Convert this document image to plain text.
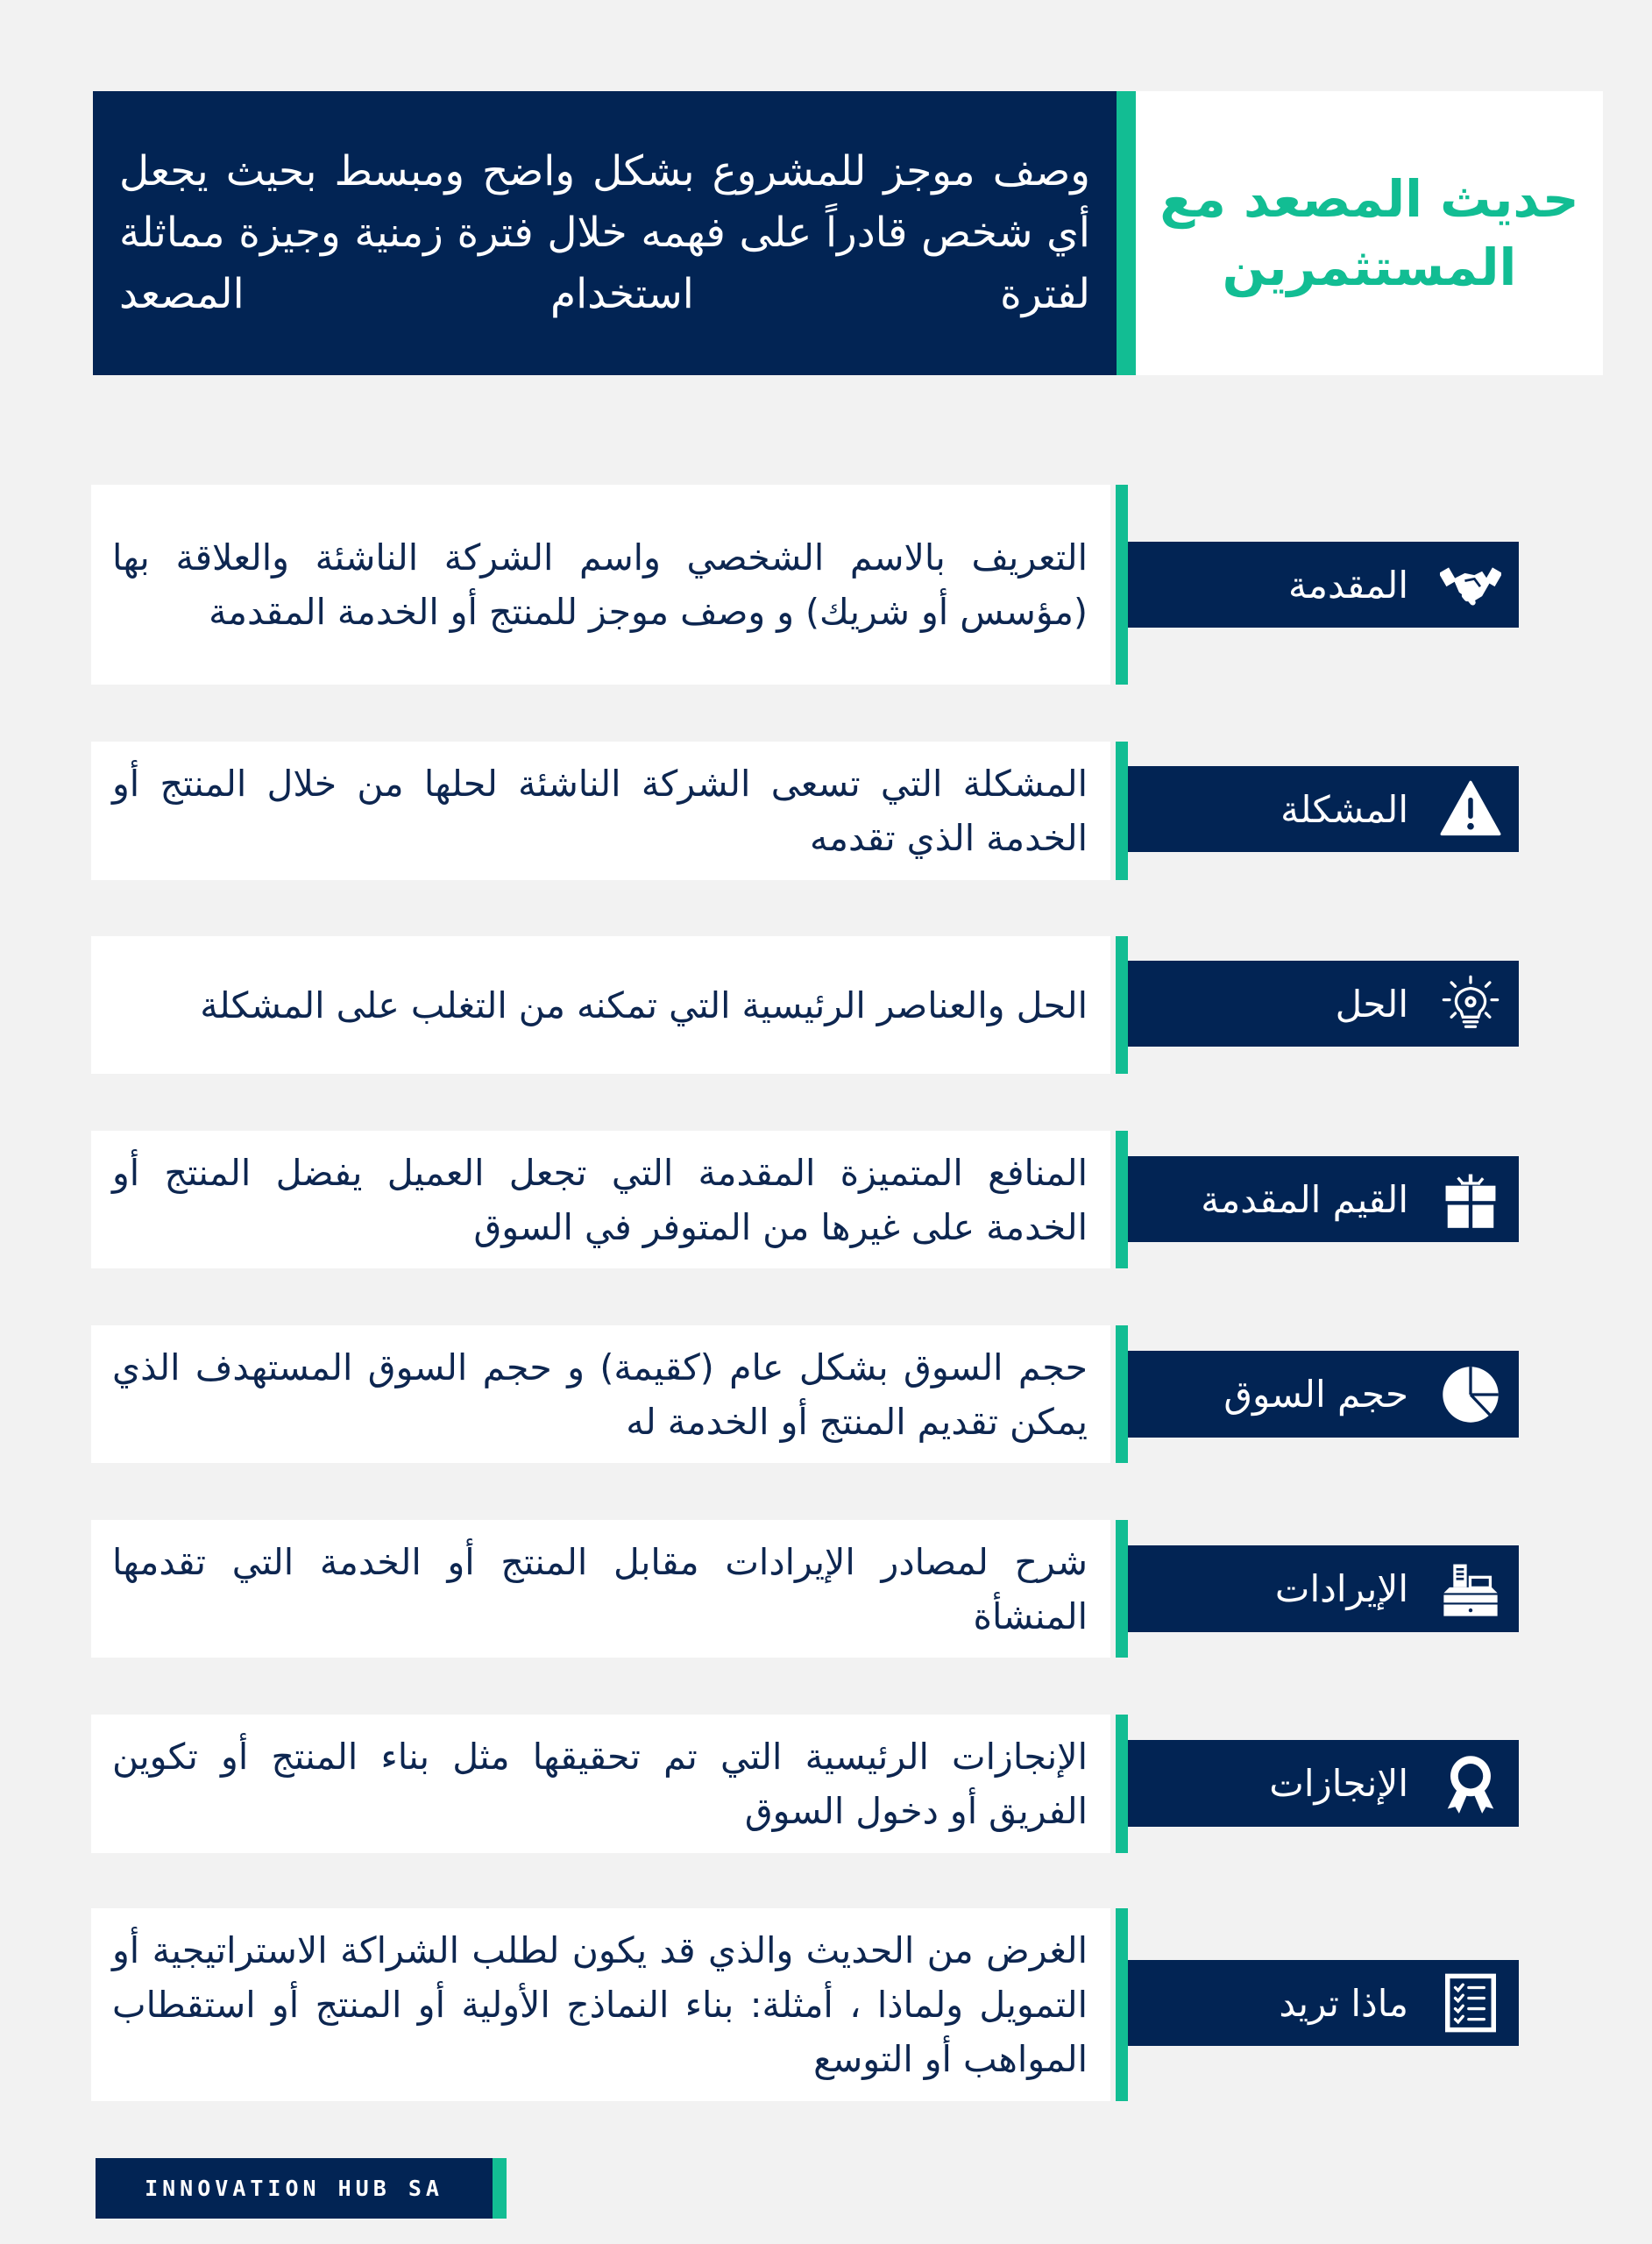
وصف موجز للمشروع بشكل واضح ومبسط بحيث يجعل أي شخص قادراً على فهمه خلال فترة زمنية وجيزة مماثلة لفترة استخدام المصعد
حديث المصعد مع المستثمرين
التعريف بالاسم الشخصي واسم الشركة الناشئة والعلاقة بها (مؤسس أو شريك) و وصف موجز للمنتج أو الخدمة المقدمة
المقدمة
المشكلة التي تسعى الشركة الناشئة لحلها من خلال المنتج أو الخدمة الذي تقدمه
المشكلة
الحل والعناصر الرئيسية التي تمكنه من التغلب على المشكلة	الحل
المنافع المتميزة المقدمة التي تجعل العميل يفضل المنتج أو الخدمة على غيرها من المتوفر في السوق
القيم المقدمة
حجم السوق بشكل عام (كقيمة) و حجم السوق المستهدف الذي يمكن تقديم المنتج أو الخدمة له
حجم السوق
شرح لمصادر الإيرادات مقابل المنتج أو الخدمة التي تقدمها المنشأة
الإيرادات
الإنجازات الرئيسية التي تم تحقيقها مثل بناء المنتج أو تكوين الفريق أو دخول السوق
الإنجازات
الغرض من الحديث والذي قد يكون لطلب الشراكة الاستراتيجية أو التمويل ولماذا ، أمثلة: بناء النماذج الأولية أو المنتج أو استقطاب المواهب أو التوسع
ماذا تريد
INNOVATION HUB SA
